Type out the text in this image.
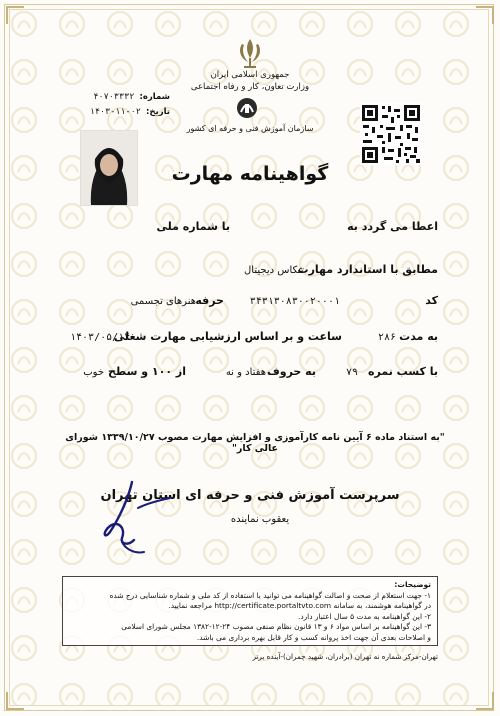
جمهوری اسلامی ایران
وزارت تعاون، کار و رفاه اجتماعی
سازمان آموزش فنی و حرفه ای کشور
شماره: ۴۰۷۰۳۳۳۲
تاریخ: ۱۴۰۳-۱۱-۰۲
گواهینامه مهارت
اعطا می گردد به
با شماره ملی
مطابق با استاندارد مهارت
عکاس دیجیتال
کد
۳۴۳۱۳۰۸۳۰۰۲۰۰۰۱
حرفه
هنرهای تجسمی
به مدت
۲۸۶
ساعت و بر اساس ارزشیابی مهارت شغلی
۱۴۰۳/۰۵/۱۴
با کسب نمره
۷۹
به حروف
هفتاد و نه
از ۱۰۰ و سطح
خوب
"به استناد ماده ۶ آیین نامه کارآموزی و افزایش مهارت مصوب ۱۳۳۹/۱۰/۲۷ شورای عالی کار"
سرپرست آموزش فنی و حرفه ای استان تهران
یعقوب نماینده
توضیحات:
۱- جهت استعلام از صحت و اصالت گواهینامه می توانید با استفاده از کد ملی و شماره شناسایی درج شده
در گواهینامه هوشمند، به سامانه http://certificate.portaltvto.com مراجعه نمایید.
۲- این گواهینامه به مدت ۵ سال اعتبار دارد.
۳- این گواهینامه بر اساس مواد ۶ و ۱۳ قانون نظام صنفی مصوب ۲۴-۱۲-۱۳۸۲ مجلس شورای اسلامی
و اصلاحات بعدی آن جهت اخذ پروانه کسب و کار قابل بهره برداری می باشد.
تهران-مرکز شماره نه تهران (برادران، شهید چمران)-آینده برتر
